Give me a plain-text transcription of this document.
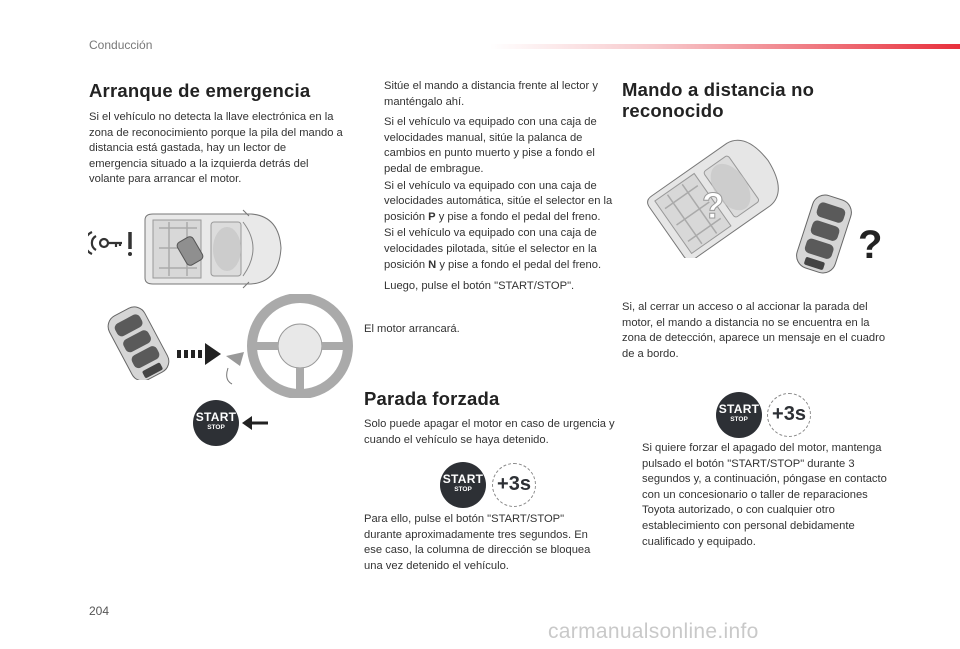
Conducción
Arranque de emergencia

Si el vehículo no detecta la llave electrónica en la zona de reconocimiento porque la pila del mando a distancia está gastada, hay un lector de emergencia situado a la izquierda detrás del volante para arrancar el motor.

START
STOP
Sitúe el mando a distancia frente al lector y manténgalo ahí.
Si el vehículo va equipado con una caja de velocidades manual, sitúe la palanca de cambios en punto muerto y pise a fondo el pedal de embrague.
Si el vehículo va equipado con una caja de velocidades automática, sitúe el selector en la posición P y pise a fondo el pedal del freno.
Si el vehículo va equipado con una caja de velocidades pilotada, sitúe el selector en la posición N y pise a fondo el pedal del freno.
Luego, pulse el botón "START/STOP".

El motor arrancará.

Parada forzada

Solo puede apagar el motor en caso de urgencia y cuando el vehículo se haya detenido.

START
STOP	+3s

Para ello, pulse el botón "START/STOP" durante aproximadamente tres segundos. En ese caso, la columna de dirección se bloquea una vez detenido el vehículo.

Mando a distancia no
reconocido
?
?

Si, al cerrar un acceso o al accionar la parada del motor, el mando a distancia no se encuentra en la zona de detección, aparece un mensaje en el cuadro de a bordo.

START
STOP	+3s
Si quiere forzar el apagado del motor, mantenga pulsado el botón "START/STOP" durante 3 segundos y, a continuación, póngase en contacto con un concesionario o taller de reparaciones Toyota autorizado, o con cualquier otro establecimiento con personal debidamente cualificado y equipado.
204
carmanualsonline.info
